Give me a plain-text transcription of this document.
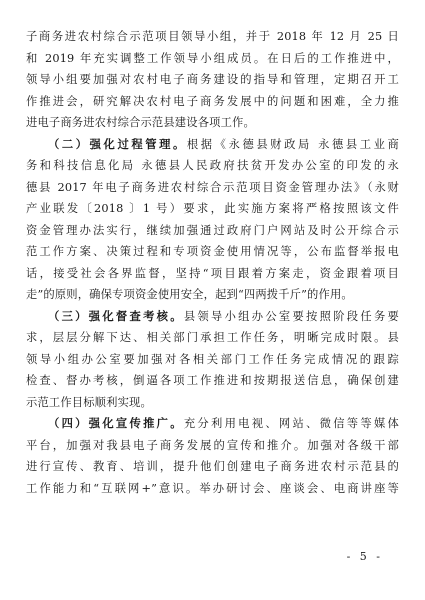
子商务进农村综合示范项目领导小组，并于 2018 年 12 月 25 日
和 2019 年充实调整工作领导小组成员。在日后的工作推进中，
领导小组要加强对农村电子商务建设的指导和管理，定期召开工
作推进会，研究解决农村电子商务发展中的问题和困难，全力推
进电子商务进农村综合示范县建设各项工作。
（二）强化过程管理。根据《永德县财政局 永德县工业商
务和科技信息化局 永德县人民政府扶贫开发办公室的印发的永
德县 2017 年电子商务进农村综合示范项目资金管理办法》（永财
产业联发〔2018 〕1 号）要求，此实施方案将严格按照该文件
资金管理办法实行，继续加强通过政府门户网站及时公开综合示
范工作方案、决策过程和专项资金使用情况等，公布监督举报电
话，接受社会各界监督，坚持“项目跟着方案走，资金跟着项目
走”的原则，确保专项资金使用安全，起到“四两拨千斤”的作用。
（三）强化督查考核。县领导小组办公室要按照阶段任务要
求，层层分解下达、相关部门承担工作任务，明晰完成时限。县
领导小组办公室要加强对各相关部门工作任务完成情况的跟踪
检查、督办考核，倒逼各项工作推进和按期报送信息，确保创建
示范工作目标顺利实现。
（四）强化宣传推广。充分利用电视、网站、微信等等媒体
平台，加强对我县电子商务发展的宣传和推介。加强对各级干部
进行宣传、教育、培训，提升他们创建电子商务进农村示范县的
工作能力和“互联网+”意识。举办研讨会、座谈会、电商讲座等
- 5 -
